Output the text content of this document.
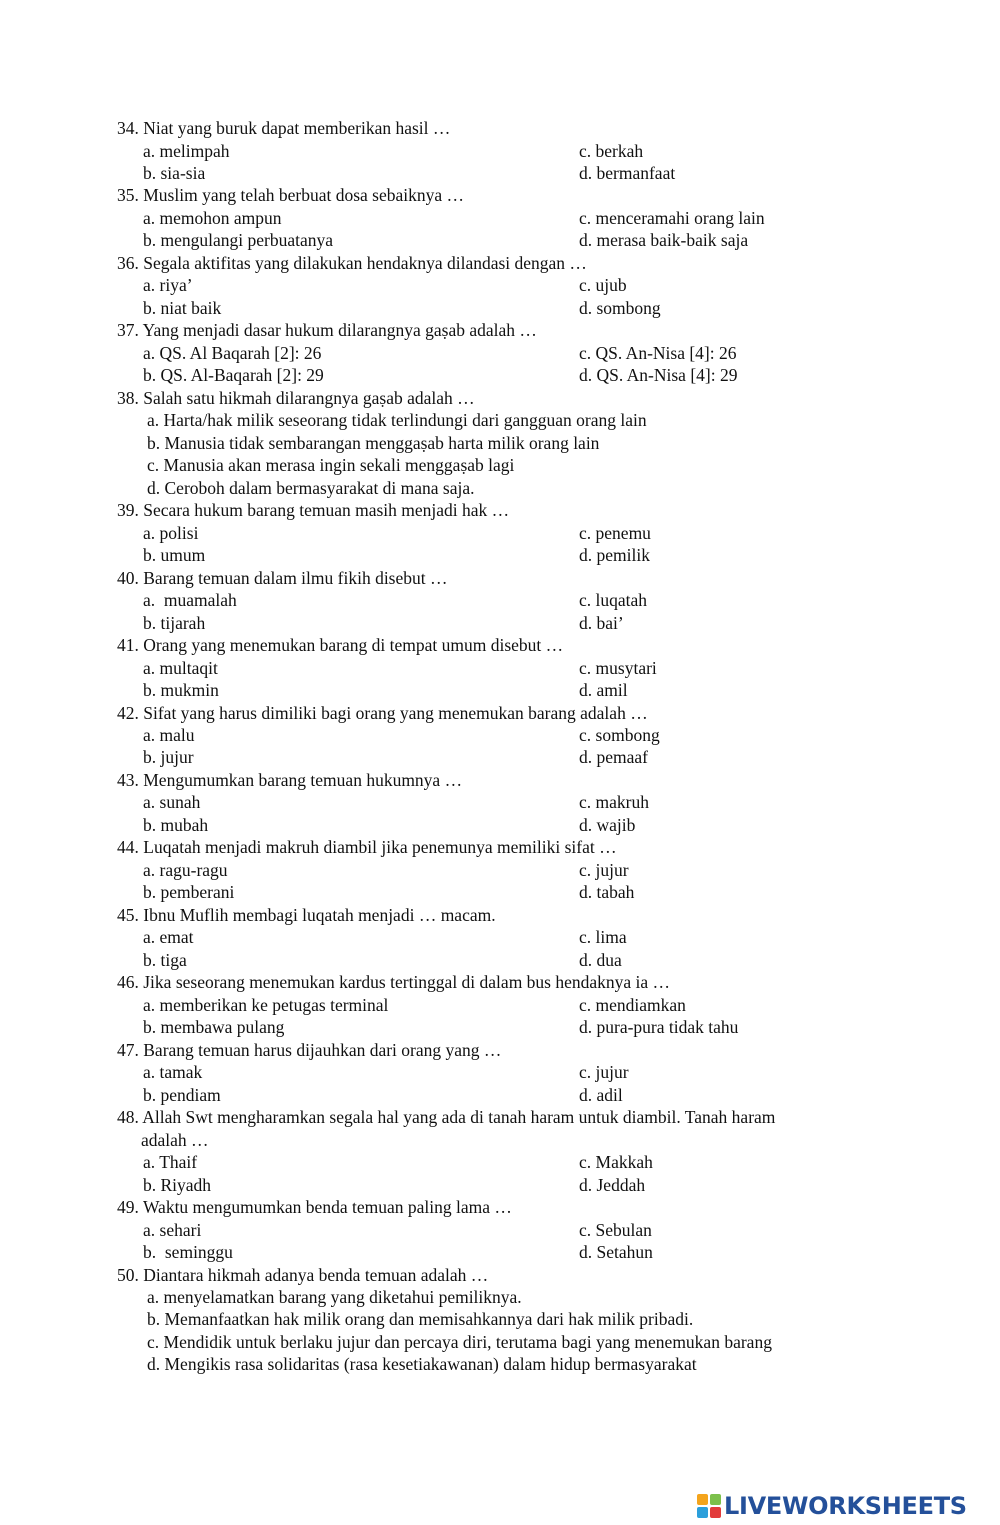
34. Niat yang buruk dapat memberikan hasil …
a. melimpah	c. berkah
b. sia-sia	d. bermanfaat
35. Muslim yang telah berbuat dosa sebaiknya …
a. memohon ampun	c. menceramahi orang lain
b. mengulangi perbuatanya	d. merasa baik-baik saja
36. Segala aktifitas yang dilakukan hendaknya dilandasi dengan …
a. riya’	c. ujub
b. niat baik	d. sombong
37. Yang menjadi dasar hukum dilarangnya gaṣab adalah …
a. QS. Al Baqarah [2]: 26	c. QS. An-Nisa [4]: 26
b. QS. Al-Baqarah [2]: 29	d. QS. An-Nisa [4]: 29
38. Salah satu hikmah dilarangnya gaṣab adalah …
a. Harta/hak milik seseorang tidak terlindungi dari gangguan orang lain
b. Manusia tidak sembarangan menggaṣab harta milik orang lain
c. Manusia akan merasa ingin sekali menggaṣab lagi
d. Ceroboh dalam bermasyarakat di mana saja.
39. Secara hukum barang temuan masih menjadi hak …
a. polisi	c. penemu
b. umum	d. pemilik
40. Barang temuan dalam ilmu fikih disebut …
a.  muamalah	c. luqatah
b. tijarah	d. bai’
41. Orang yang menemukan barang di tempat umum disebut …
a. multaqit	c. musytari
b. mukmin	d. amil
42. Sifat yang harus dimiliki bagi orang yang menemukan barang adalah …
a. malu	c. sombong
b. jujur	d. pemaaf
43. Mengumumkan barang temuan hukumnya …
a. sunah	c. makruh
b. mubah	d. wajib
44. Luqatah menjadi makruh diambil jika penemunya memiliki sifat …
a. ragu-ragu	c. jujur
b. pemberani	d. tabah
45. Ibnu Muflih membagi luqatah menjadi … macam.
a. emat	c. lima
b. tiga	d. dua
46. Jika seseorang menemukan kardus tertinggal di dalam bus hendaknya ia …
a. memberikan ke petugas terminal	c. mendiamkan
b. membawa pulang	d. pura-pura tidak tahu
47. Barang temuan harus dijauhkan dari orang yang …
a. tamak	c. jujur
b. pendiam	d. adil
48. Allah Swt mengharamkan segala hal yang ada di tanah haram untuk diambil. Tanah haram
adalah …
a. Thaif	c. Makkah
b. Riyadh	d. Jeddah
49. Waktu mengumumkan benda temuan paling lama …
a. sehari	c. Sebulan
b.  seminggu	d. Setahun
50. Diantara hikmah adanya benda temuan adalah …
a. menyelamatkan barang yang diketahui pemiliknya.
b. Memanfaatkan hak milik orang dan memisahkannya dari hak milik pribadi.
c. Mendidik untuk berlaku jujur dan percaya diri, terutama bagi yang menemukan barang
d. Mengikis rasa solidaritas (rasa kesetiakawanan) dalam hidup bermasyarakat
LIVEWORKSHEETS
